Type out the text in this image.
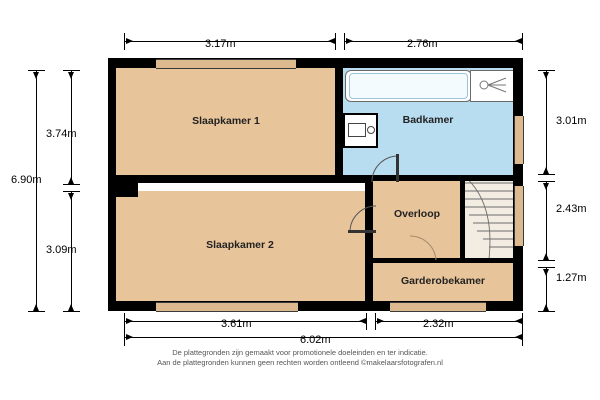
3.17m	2.76m
6.90m
3.74m
3.09m
3.01m
2.43m
1.27m
3.61m	2.32m
6.02m
Slaapkamer 1
Slaapkamer 2
Badkamer
Overloop
Garderobekamer
De plattegronden zijn gemaakt voor promotionele doeleinden en ter indicatie.
Aan de plattegronden kunnen geen rechten worden ontleend ©makelaarsfotografen.nl
